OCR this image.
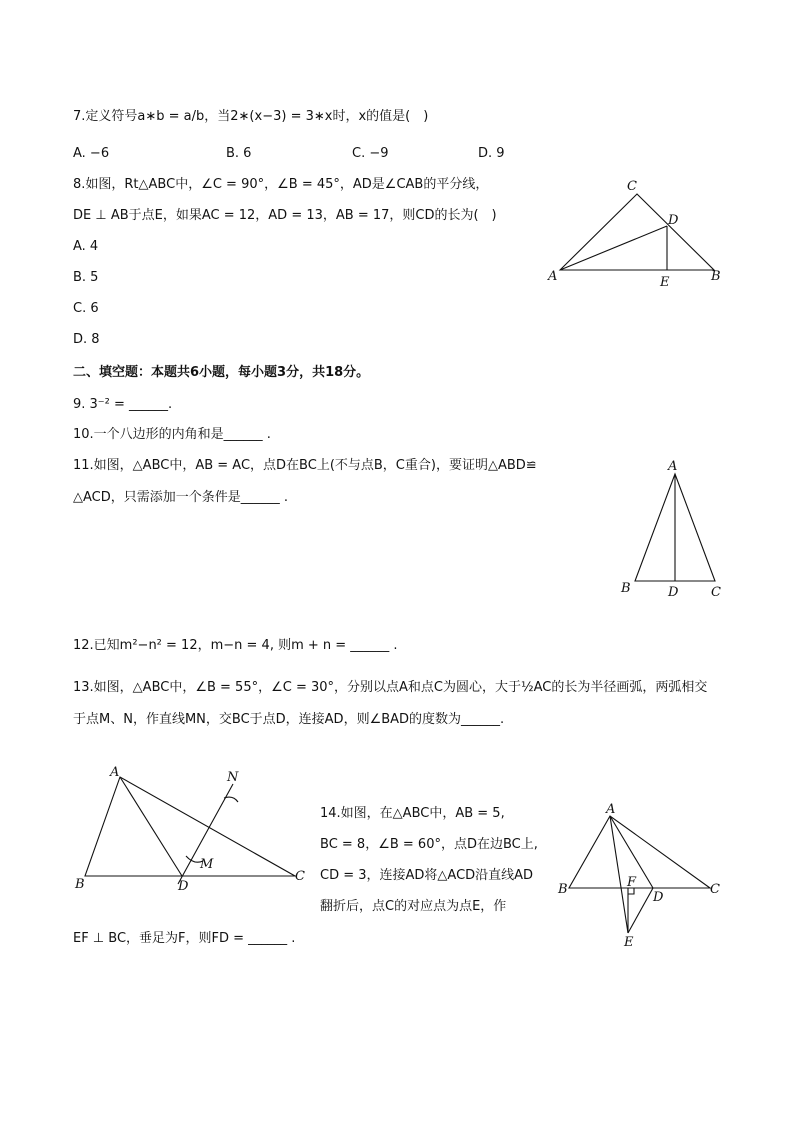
7.定义符号a∗b = a/b，当2∗(x−3) = 3∗x时，x的值是(　)
A. −6	B. 6	C. −9	D. 9
8.如图，Rt△ABC中，∠C = 90°，∠B = 45°，AD是∠CAB的平分线，
DE ⊥ AB于点E，如果AC = 12，AD = 13，AB = 17，则CD的长为(　)
A. 4
B. 5
C. 6
D. 8
C
D
A	E	B
二、填空题：本题共6小题，每小题3分，共18分。
9. 3⁻² = ______.
10.一个八边形的内角和是______ .
11.如图，△ABC中，AB = AC，点D在BC上(不与点B，C重合)，要证明△ABD≌
△ACD，只需添加一个条件是______ .
A
B	D	C
12.已知m²−n² = 12，m−n = 4, 则m + n = ______ .
13.如图，△ABC中，∠B = 55°，∠C = 30°，分别以点A和点C为圆心，大于½AC的长为半径画弧，两弧相交
于点M、N，作直线MN，交BC于点D，连接AD，则∠BAD的度数为______.
A	N
M
B	D
C
14.如图，在△ABC中，AB = 5,
BC = 8，∠B = 60°，点D在边BC上,
CD = 3，连接AD将△ACD沿直线AD
翻折后，点C的对应点为点E，作
EF ⊥ BC，垂足为F，则FD = ______ .
A
B	F
D
C
E
